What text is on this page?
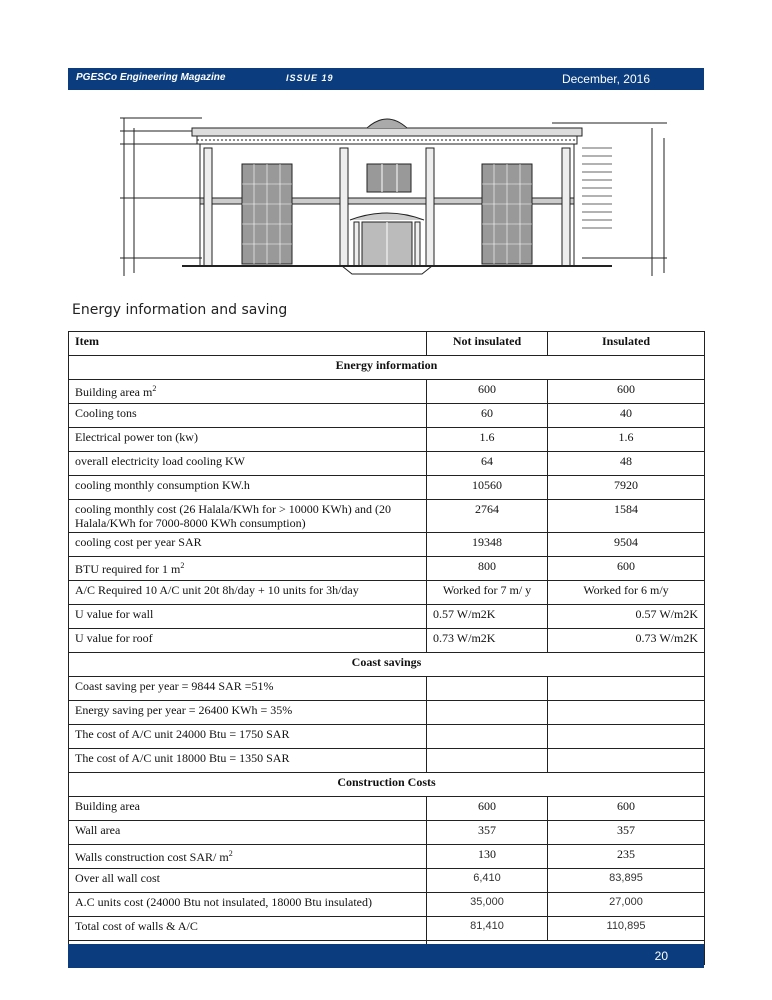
PGESCo Engineering Magazine	ISSUE 19	December, 2016
Energy information and saving
Item	Not insulated	Insulated
Energy information		
Building area $m^2$	600	600
Cooling tons	60	40
Electrical power ton (kw)	1.6	1.6
overall electricity load cooling KW	64	48
cooling monthly consumption KW.h	10560	7920
cooling monthly cost (26 Halala/KWh for > 10000 KWh) and (20 Halala/KWh for 7000-8000 KWh consumption)	2764	1584
cooling cost per year SAR	19348	9504
BTU required for 1 $m^2$	800	600
A/C Required 10 A/C unit 20t 8h/day + 10 units for 3h/day	Worked for 7 m/ y	Worked for 6 m/y
U value for wall	0.57 W/m2K	0.57 W/m2K
U value for roof	0.73 W/m2K	0.73 W/m2K
Coast savings		
Coast saving per year = 9844 SAR =51%		
Energy saving per year = 26400 KWh = 35%		
The cost of A/C unit 24000 Btu = 1750 SAR		
The cost of A/C unit 18000 Btu = 1350 SAR		
Construction Costs		
Building area	600	600
Wall area	357	357
Walls construction cost SAR/ $m^2$	130	235
Over all wall cost	6,410	83,895
A.C units cost (24000 Btu not insulated, 18000 Btu insulated)	35,000	27,000
Total cost of walls & A/C	81,410	110,895

20
